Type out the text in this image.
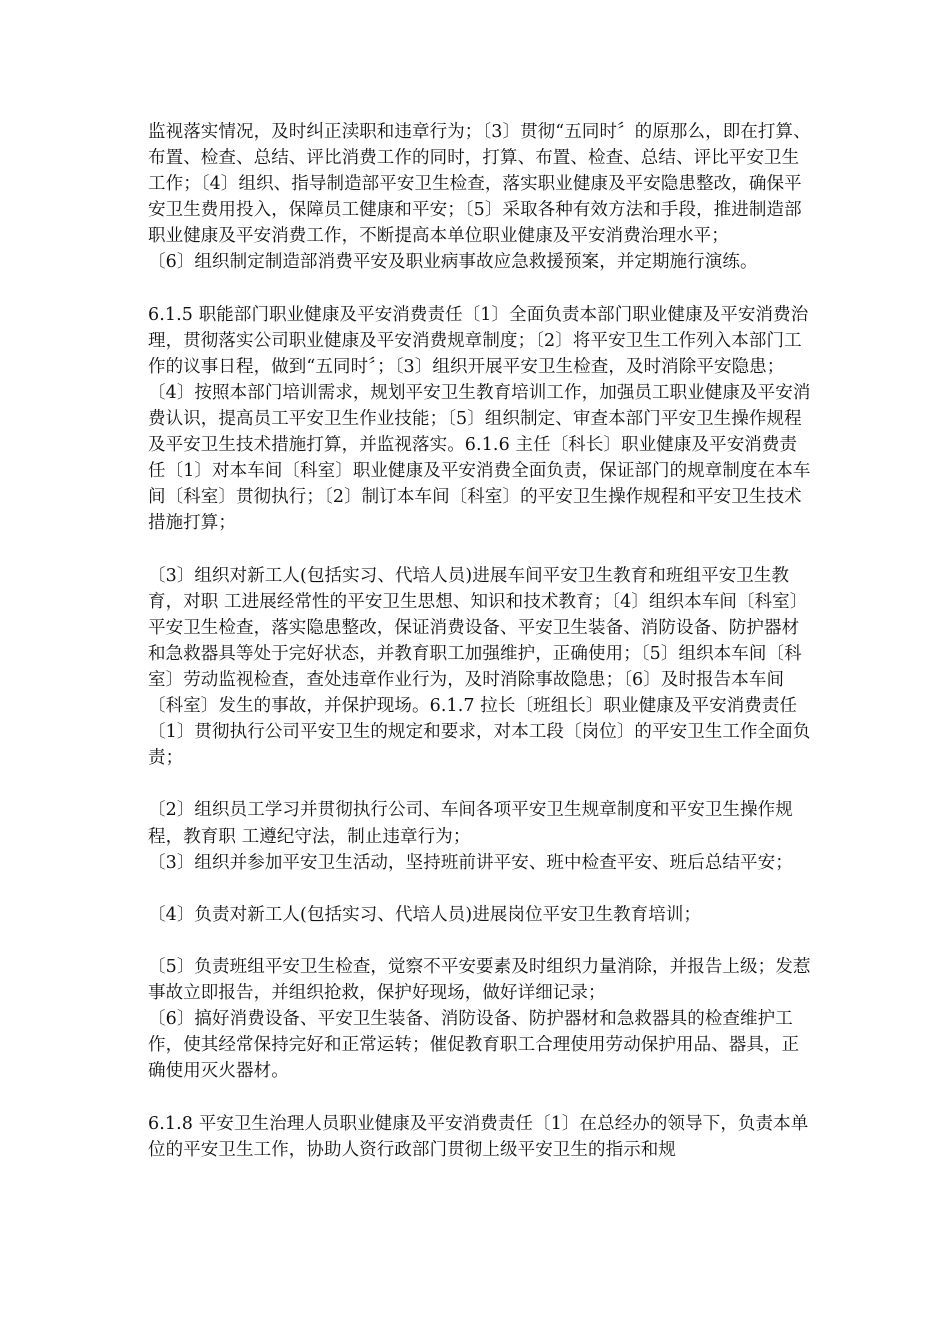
监视落实情况，及时纠正渎职和违章行为；〔3〕贯彻“五同时〞的原那么，即在打算、布置、检查、总结、评比消费工作的同时，打算、布置、检查、总结、评比平安卫生工作；〔4〕组织、指导制造部平安卫生检查，落实职业健康及平安隐患整改，确保平安卫生费用投入，保障员工健康和平安；〔5〕采取各种有效方法和手段，推进制造部职业健康及平安消费工作，不断提高本单位职业健康及平安消费治理水平；

〔6〕组织制定制造部消费平安及职业病事故应急救援预案，并定期施行演练。

6.1.5 职能部门职业健康及平安消费责任〔1〕全面负责本部门职业健康及平安消费治理，贯彻落实公司职业健康及平安消费规章制度；〔2〕将平安卫生工作列入本部门工作的议事日程，做到“五同时〞；〔3〕组织开展平安卫生检查，及时消除平安隐患；〔4〕按照本部门培训需求，规划平安卫生教育培训工作，加强员工职业健康及平安消费认识，提高员工平安卫生作业技能；〔5〕组织制定、审查本部门平安卫生操作规程及平安卫生技术措施打算，并监视落实。6.1.6 主任〔科长〕职业健康及平安消费责任〔1〕对本车间〔科室〕职业健康及平安消费全面负责，保证部门的规章制度在本车间〔科室〕贯彻执行；〔2〕制订本车间〔科室〕的平安卫生操作规程和平安卫生技术措施打算；

〔3〕组织对新工人(包括实习、代培人员)进展车间平安卫生教育和班组平安卫生教育，对职 工进展经常性的平安卫生思想、知识和技术教育；〔4〕组织本车间〔科室〕平安卫生检查，落实隐患整改，保证消费设备、平安卫生装备、消防设备、防护器材和急救器具等处于完好状态，并教育职工加强维护，正确使用；〔5〕组织本车间〔科室〕劳动监视检查，查处违章作业行为，及时消除事故隐患；〔6〕及时报告本车间〔科室〕发生的事故，并保护现场。6.1.7 拉长〔班组长〕职业健康及平安消费责任〔1〕贯彻执行公司平安卫生的规定和要求，对本工段〔岗位〕的平安卫生工作全面负责；

〔2〕组织员工学习并贯彻执行公司、车间各项平安卫生规章制度和平安卫生操作规程，教育职 工遵纪守法，制止违章行为；

〔3〕组织并参加平安卫生活动，坚持班前讲平安、班中检查平安、班后总结平安；

〔4〕负责对新工人(包括实习、代培人员)进展岗位平安卫生教育培训；

〔5〕负责班组平安卫生检查，觉察不平安要素及时组织力量消除，并报告上级；发惹事故立即报告，并组织抢救，保护好现场，做好详细记录；

〔6〕搞好消费设备、平安卫生装备、消防设备、防护器材和急救器具的检查维护工作，使其经常保持完好和正常运转；催促教育职工合理使用劳动保护用品、器具，正确使用灭火器材。

6.1.8 平安卫生治理人员职业健康及平安消费责任〔1〕在总经办的领导下，负责本单位的平安卫生工作，协助人资行政部门贯彻上级平安卫生的指示和规
